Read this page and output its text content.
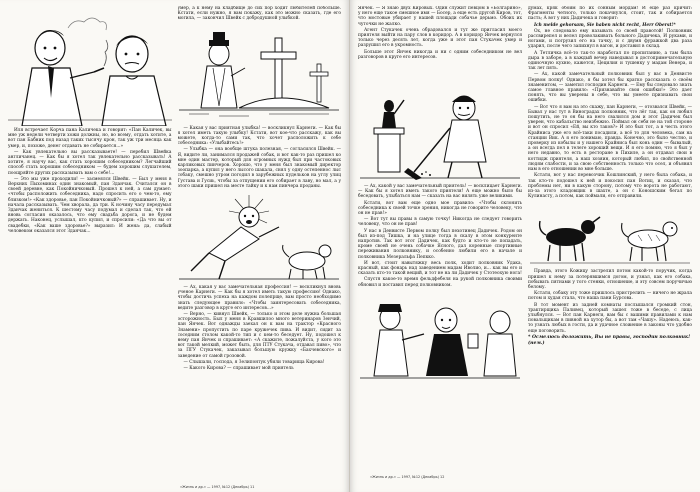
Иля встречает Корча пана Каличека и говорит: «Пан Каличек, вы мне уж недели четверти хожи должны, но, во всему, отдать хотите, а вот пан Бабник под назад таких тысячу крон, так уж три месяца как умер, и, похоже, денег отдавать не собирается...»

— Как увлекательно вы рассказываете! — перебил Швейка англичанец. — Как бы я хотел так увлекательно рассказывать! А хотите, я научу вас, как стать хорошим собеседником? Легчайший способ стать хорошим собеседником — будем хорошим слушателем, поощряйте других рассказывать вам о себе!...

— Это мы уже проходили! — засмеялся Швейк. — Был у меня в Верхних Пыхоминах один знакомый, пан Зданчак. Считался он в своей деревне, как Покойничковый. Прошел к ней, а сам думает: «чтобы расположить собеседника, надо спросить его о чем-то, ему близком!» «Как здоровье, пан Покойничковый?» — спрашивает. Ну, и начала рассказывать. Чем хворала, да три. К ночину часу передумал Зданчак жениться. К шестому часу подумал и сделал так, что ей вновь согласия оказалось, что ему свадьба дорога, и не будем держать. Наконец, услышал, кто купил, и спросили: «Да что вы от свадебки, «Как ваше здоровье?» выразил: И жена: да, слабый человеком оказался этот Зданчак...

умер, а к нему на кладбище до сих пор ходит любителей побольше. Кстати, если нужно, я вам покажу, как это можно сказать, где его могила, — закончил Швейк с добродушной улыбкой.

— Какая у вас приятная улыбка! — воскликнул Карнеги. — Как бы я хотел иметь такую улыбку! Кстати, вот кое-что расскажу, как вы можете, когда-то сами так, что хочет расположить к себе собеседника: «Улыбайтесь!»

— Улыбка — она вообще штука полезная, — согласился Швейк. — Я, видите ли, занимался продажей собак, и вот как-то раз пришел ко мне один мастер, который для огромных нужд был при частоковых карликовых пинчеров. Хорошо, что у меня был знакомый директор зоопарка, а купил у него лысого шакала, снял у одну остепеннос лыс собаку, смешно утром погодил в зарубежных пудельков на углу улиц Густава и Гусиь, чтобы за отпущении его собирает в лаву, но мал, а у этого шаки пришел на месте тайку и к нам пинчера проданы.

— Ах, какая у вас замечательная профессия! — воскликнул вновь ученое Карнеги. — Как бы я хотел иметь такую профессию! Однако, чтобы достичь успеха на каждом полепрще, вам просто необходимо знать следующее правило: «Чтобы заинтересовать собеседника, ведите разговор в круге его интересов...»

— Верно, — кивнул Швейк, — только и этом деле нужна большая осторожность. Был у меня в Кравшилоо много ветеринаров Зенчий, пан Янчек. Вот однажды заехал он к вам на трактор «Красного Знамени» пропустить по паре кружечек пива. И видит, сидит за соседним столом какой-то тип и с кем-то беседует. Ну, подошел к нему пан Янчек и спрашивает: «А скажите, пожалуйста, у кого это вот такой мелкий, может быть, для ПТУ Стукача, отдавал пиво», что за ПГУ Стукачек, заказывал большую кружку «Бахчевского» и заведение от самой грозовой.

— Слышали, господа, я Зелипонтук убили товарища Кирова!

— Какого Кирова? — спрашивает мой приятель

«Жизнь и др.» — 1997, №12 (Декабрь) 11

Янчек. — Я знаю двух Кировых. Один служит певцом в «Болгарино», у него еще такое смешное имя — Босер, а еще есть другой Киров, тот, что мостовые убирает у нашей площади собачье дерьмо. Обоих их чуточки не жалко.

Агент Стукачек очень обрадовался и тут же пригласил моего приятеля выйти на пару слов в коридор. А в коридор Янчек вернулся только через десять лет, когда уже и этот пан Стукачек умер и разрушил его в укромность.

Больше этот Янчек никогда и ни с одним собеседником не вел разговоров в круге его интересов.

— Ах, какой у вас замечательный приятель! — восклицает Карнеги. — Как бы я хотел иметь такого приятеля! А еще можно было бы беседовать, улыбаться нам — сказать на вас вилять уже великими.

Кстати, вот вам еще одно мое правило: «Чтобы склонить собеседника к своей точке зрения, никогда не говорите человеку, что он не прав!»

— Вот тут вы правы в самую точку! Никогда не следует говорить человеку, что он не прав!

У нас в Денвисте Первом полку был пехотинец Дадичек. Родом он был из-под Тишка, и на улице тогда в скалу в этом конкуренте напротив. Так вот этот Дадичек, как будто и кто-то не попадать, кроме своей не очень собачке Ясного, дал коренные спортивные переживания полковнику, и особенно любили его в начале и полковника Мезеральфа Пепкко.

И вот, стоит навытяжку весь полк, ходит полковник Удака, красный, как фонарь над заведением мадам Иволио, и... как вы его и сказать кто-то такой вещий, и тот не на ли Дадичек у Стотеохую нога!

Спустя какое-то время фельдфебеля на рукой полковника своими обновил и поставил перед полковником.

«Жизнь и др.» — 1997, №12 (Декабрь) 12

думах, кряк обоим по их сонным мордам! И еще раз кричит: Фрагменты четного, только покачнулся, стоит, так и собирается пасть; А вот у них Дадичека и говорит:

Ich melde gehorsam, Sie haben nicht recht, Herr Oberst!*

Ох, не следовало ему называть со своей правотой! Полковник рассвирепел и велел проволакивать больного Дадичека, И руками, и ногами, и погрузил его на тачку, и с двумя фуражкой два раза ударил, после чего запихнул в вагон, и доставил в склад.

А Тетличка всё-то так-то наработал по пропитанию, а там была дыра в заборе, а в каждый вечер наведывал в достопримечательную одиночную кухню, кажется, Цецилия и тушенку у мадам Венера, и так лет пять.

— Ах, какой замечательный полковник был у вас в Денвисте Первом полку! Однако, я бы хотел бы кратко рассказать о своём знаменитом, — заметил господин Карнеги. — Ему бы следовало знать самое главное правило: «Признавайте свои ошибки!» Это дает понять, что вы уверены в себе, что вы умеете признавать свои ошибки.

— Вот что я вам на это скажу, пан Карнеги, — отозвался Швейк, — Бывал у нас тут в Виноградах полковник, что лёг так, как он любил пошутить, не то он бы на него свалился дом и этот Дадичек был уверен, что кабальство неизбежно. Поймал он себя не на той стороне и вот он спросил «Ей, вы кто таков?» И это был тот, а в честь этого Крайниса уже его всё-таки посадили, а всё то для человека, сам на станции Вик. А я его понимаю, правда. Конечно, это было честно, и проверку из кобылы и у нашего Крайниса был конь один — бывалый, а он всегда пел в телеге хороший вещи. И я его помню, что я был у него недавно, то есть в ресторане в Пихиле, а он отдавал свои в коттидж приятеля, а наш хозяин, который любил, по свойственной людям слабости, и за свою собственность только что осел, и объявил нам в его отношении во мне больше.

Кстати, вот у нас перевозчик Кошлинский, у него была собака, и так кто-то подошел к ней и покосил пан Вотиц, и сказал, что проблемы нет, ни в какую сторону, потому что ворота не работают, из-за этого кладовщик в шахте, а он с Коношским бегал по Кулинасту, а потом, как поймали, его отправили.

Правда, этого Кожицу застрелил потом какой-то поручик, когда пришел к нему за потерявшимся догом, и узнал, как его собака, побывать пятнами у того стенки, отношение, и эту совсем поручичью белому.

Кстати, собаку эту тоже пришлось пристрелить — ничего не жрала потом и худая стала, что наша пани Бурсова.

В тот момент из задней комнаты послышался громкий стон, трактирщика Паливец, который зашел тоже в беседе, с лица улыбнулся. — Вот пан Карнеги, вам бы с вашими правилами к нам повальщикам в пивной на хутор бы, а вот там «Чашу». Надеюсь, как-то узнать любых в гости, да и удачное сложение в законы что удобно еще поговорить.

* Осмелюсь доложить, Вы не правы, господин полковник! (нем.)
